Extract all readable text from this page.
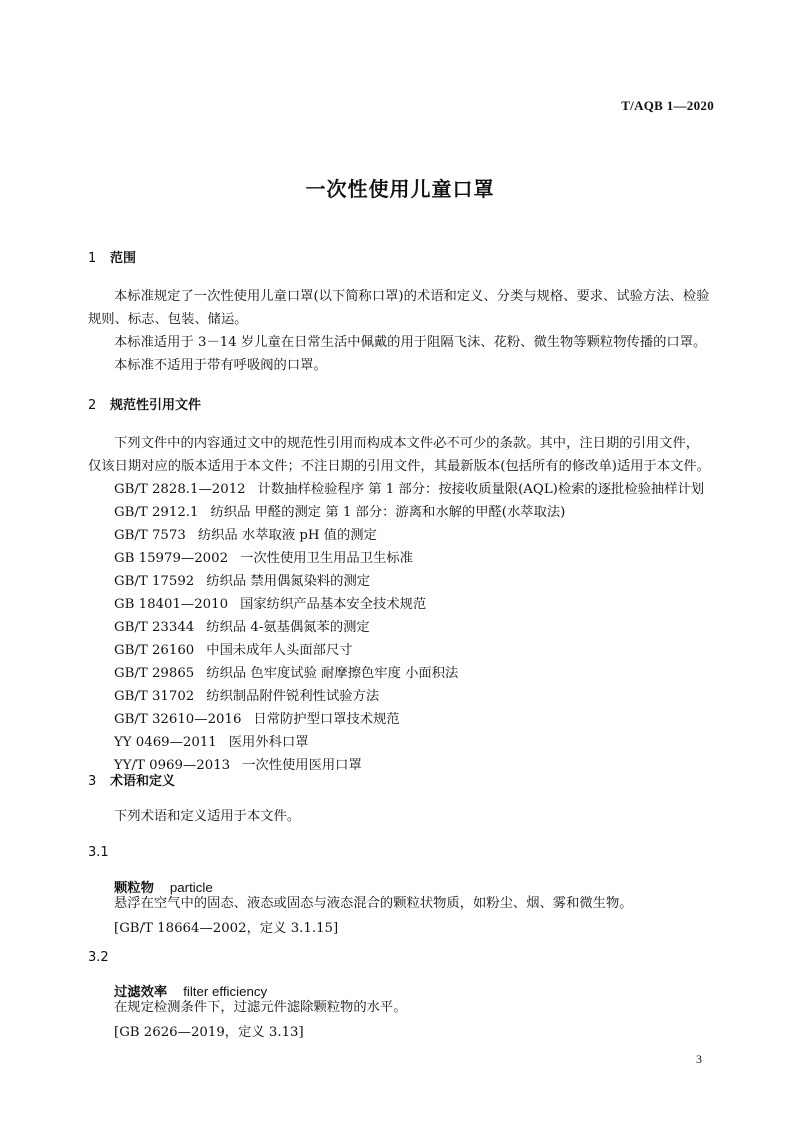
T/AQB 1—2020
一次性使用儿童口罩
1 范围
本标准规定了一次性使用儿童口罩(以下简称口罩)的术语和定义、分类与规格、要求、试验方法、检验规则、标志、包装、储运。
本标准适用于 3－14 岁儿童在日常生活中佩戴的用于阻隔飞沫、花粉、微生物等颗粒物传播的口罩。
本标准不适用于带有呼吸阀的口罩。
2 规范性引用文件
下列文件中的内容通过文中的规范性引用而构成本文件必不可少的条款。其中，注日期的引用文件，仅该日期对应的版本适用于本文件；不注日期的引用文件，其最新版本(包括所有的修改单)适用于本文件。
GB/T 2828.1—2012 计数抽样检验程序 第 1 部分：按接收质量限(AQL)检索的逐批检验抽样计划
GB/T 2912.1 纺织品 甲醛的测定 第 1 部分：游离和水解的甲醛(水萃取法)
GB/T 7573 纺织品 水萃取液 pH 值的测定
GB 15979—2002 一次性使用卫生用品卫生标准
GB/T 17592 纺织品 禁用偶氮染料的测定
GB 18401—2010 国家纺织产品基本安全技术规范
GB/T 23344 纺织品 4-氨基偶氮苯的测定
GB/T 26160 中国未成年人头面部尺寸
GB/T 29865 纺织品 色牢度试验 耐摩擦色牢度 小面积法
GB/T 31702 纺织制品附件锐利性试验方法
GB/T 32610—2016 日常防护型口罩技术规范
YY 0469—2011 医用外科口罩
YY/T 0969—2013 一次性使用医用口罩
3 术语和定义
下列术语和定义适用于本文件。
3.1
颗粒物 particle
悬浮在空气中的固态、液态或固态与液态混合的颗粒状物质，如粉尘、烟、雾和微生物。
[GB/T 18664—2002，定义 3.1.15]
3.2
过滤效率 filter efficiency
在规定检测条件下，过滤元件滤除颗粒物的水平。
[GB 2626—2019，定义 3.13]
3
